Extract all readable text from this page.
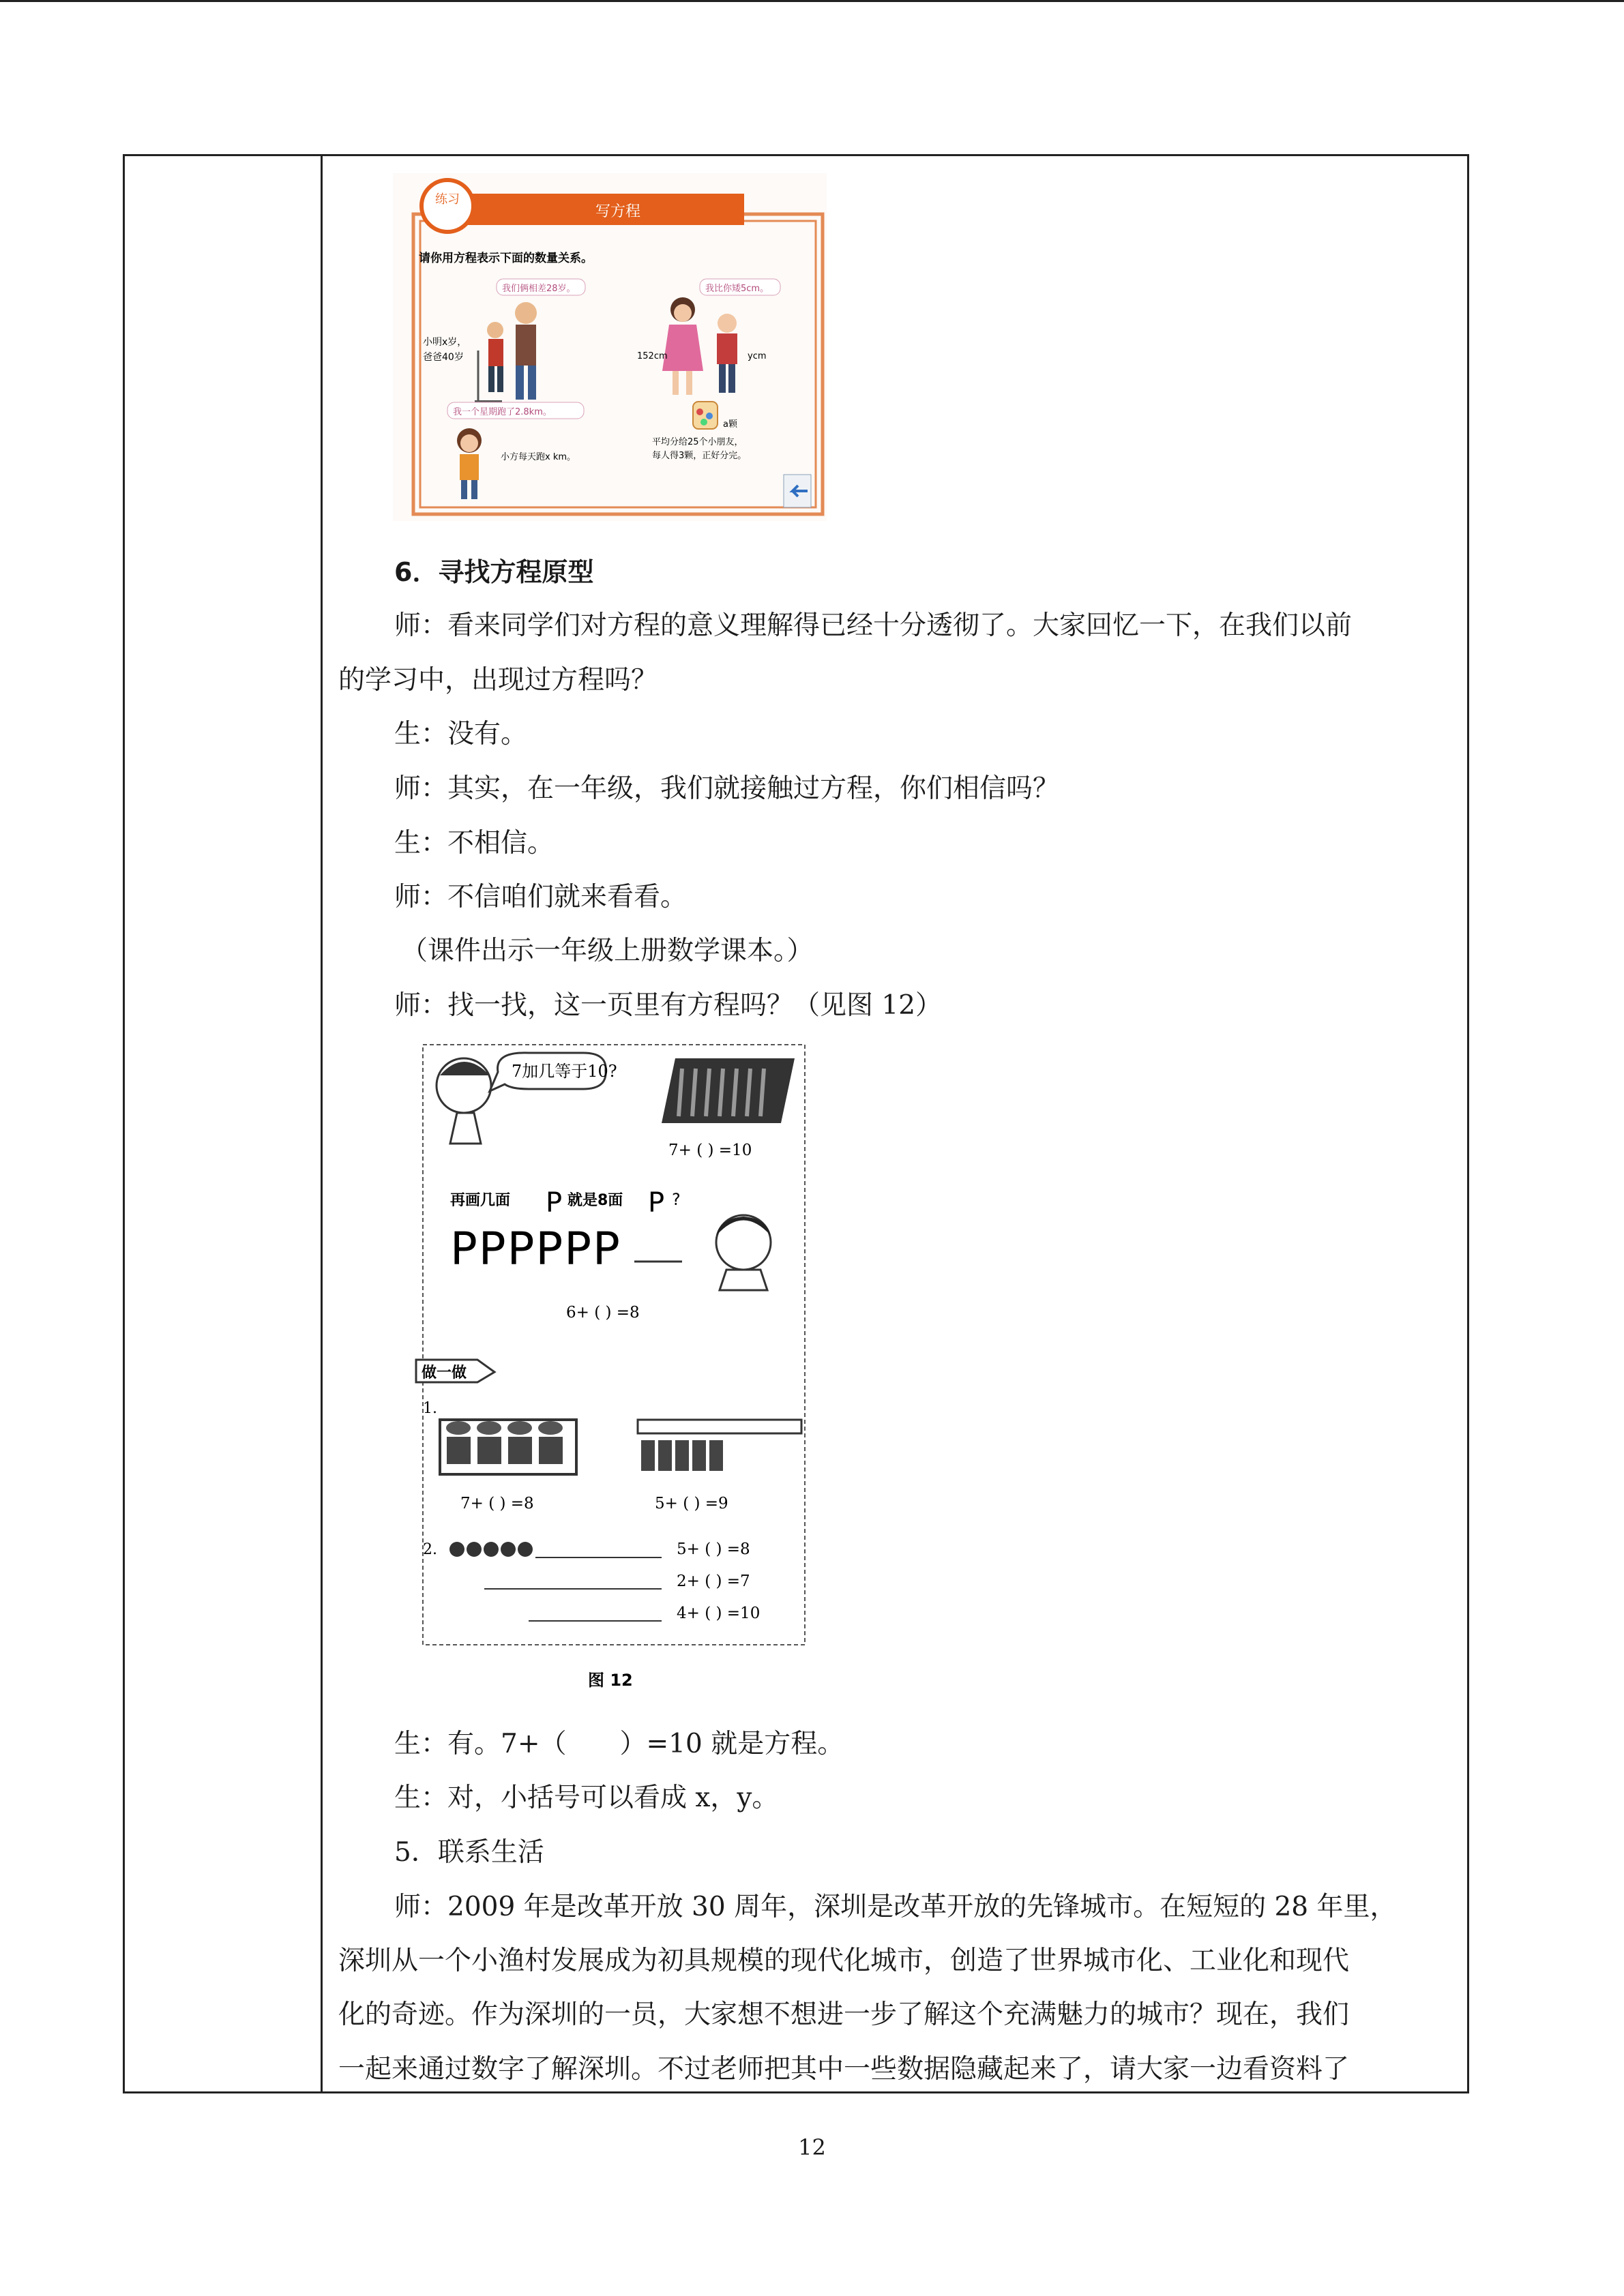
写方程
练习
请你用方程表示下面的数量关系。
我们俩相差28岁。
小明x岁，
爸爸40岁
我比你矮5cm。
152cm	ycm
我一个星期跑了2.8km。
小方每天跑x km。
a颗
平均分给25个小朋友，
每人得3颗，正好分完。
6．寻找方程原型
师：看来同学们对方程的意义理解得已经十分透彻了。大家回忆一下，在我们以前
的学习中，出现过方程吗？
生：没有。
师：其实，在一年级，我们就接触过方程，你们相信吗？
生：不相信。
师：不信咱们就来看看。
（课件出示一年级上册数学课本。）
师：找一找，这一页里有方程吗？（见图 12）
7加几等于10?
7+ ( ) =10
再画几面 P 就是8面 P ?
PPPPPP
6+ ( ) =8
做一做
1.
7+ ( ) =8	5+ ( ) =9
2.	5+ ( ) =8
2+ ( ) =7
4+ ( ) =10
图 12
生：有。7+（　　）=10 就是方程。
生：对，小括号可以看成 x，y。
5．联系生活
师：2009 年是改革开放 30 周年，深圳是改革开放的先锋城市。在短短的 28 年里，
深圳从一个小渔村发展成为初具规模的现代化城市，创造了世界城市化、工业化和现代
化的奇迹。作为深圳的一员，大家想不想进一步了解这个充满魅力的城市？现在，我们
一起来通过数字了解深圳。不过老师把其中一些数据隐藏起来了，请大家一边看资料了
12
